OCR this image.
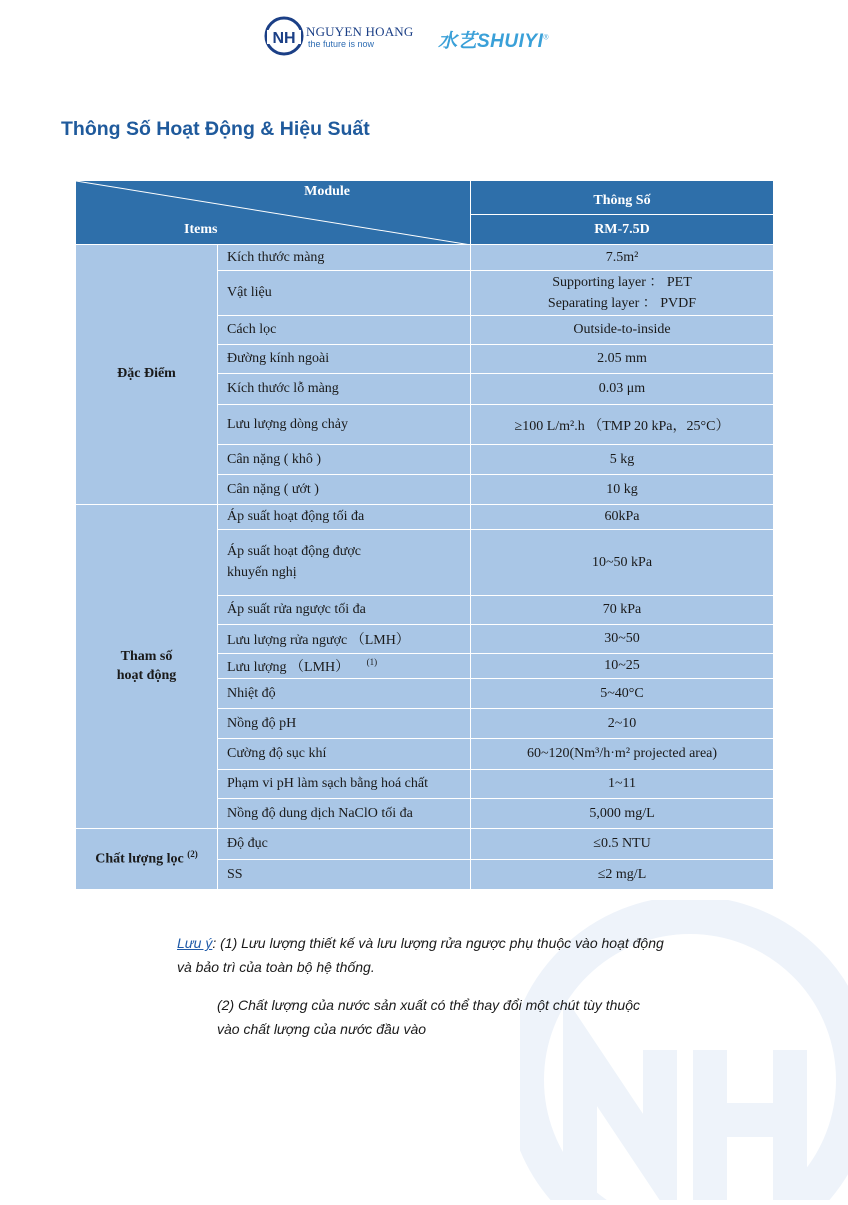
NH NGUYEN HOANG
the future is now	水艺SHUIYI®
Thông Số Hoạt Động & Hiệu Suất
Module
Items		Thông Số
		RM-7.5D
Đặc Điểm	Kích thước màng	7.5m²
	Vật liệu	Supporting layer ： PET
Separating layer ： PVDF

	Cách lọc	Outside-to-inside
	Đường kính ngoài	2.05 mm
	Kích thước lỗ màng	0.03 μm
	Lưu lượng dòng chảy	≥100 L/m².h （TMP 20 kPa，25°C）
	Cân nặng ( khô )	5 kg
	Cân nặng ( ướt )	10 kg
Tham số
hoạt động	Áp suất hoạt động tối đa	60kPa
	Áp suất hoạt động được
khuyến nghị	10~50 kPa
	Áp suất rửa ngược tối đa	70 kPa
	Lưu lượng rửa ngược （LMH）	30~50
	Lưu lượng （LMH） $^{(1)}$	10~25
	Nhiệt độ	5~40°C
	Nồng độ pH	2~10
	Cường độ sục khí	60~120(Nm³/h·m² projected area)
	Phạm vi pH làm sạch bằng hoá chất	1~11
	Nồng độ dung dịch NaClO tối đa	5,000 mg/L
Chất lượng lọc $^{(2)}$	Độ đục	≤0.5 NTU
	SS	≤2 mg/L
Lưu ý: (1) Lưu lượng thiết kế và lưu lượng rửa ngược phụ thuộc vào hoạt động
và bảo trì của toàn bộ hệ thống.
(2) Chất lượng của nước sản xuất có thể thay đổi một chút tùy thuộc
vào chất lượng của nước đầu vào
